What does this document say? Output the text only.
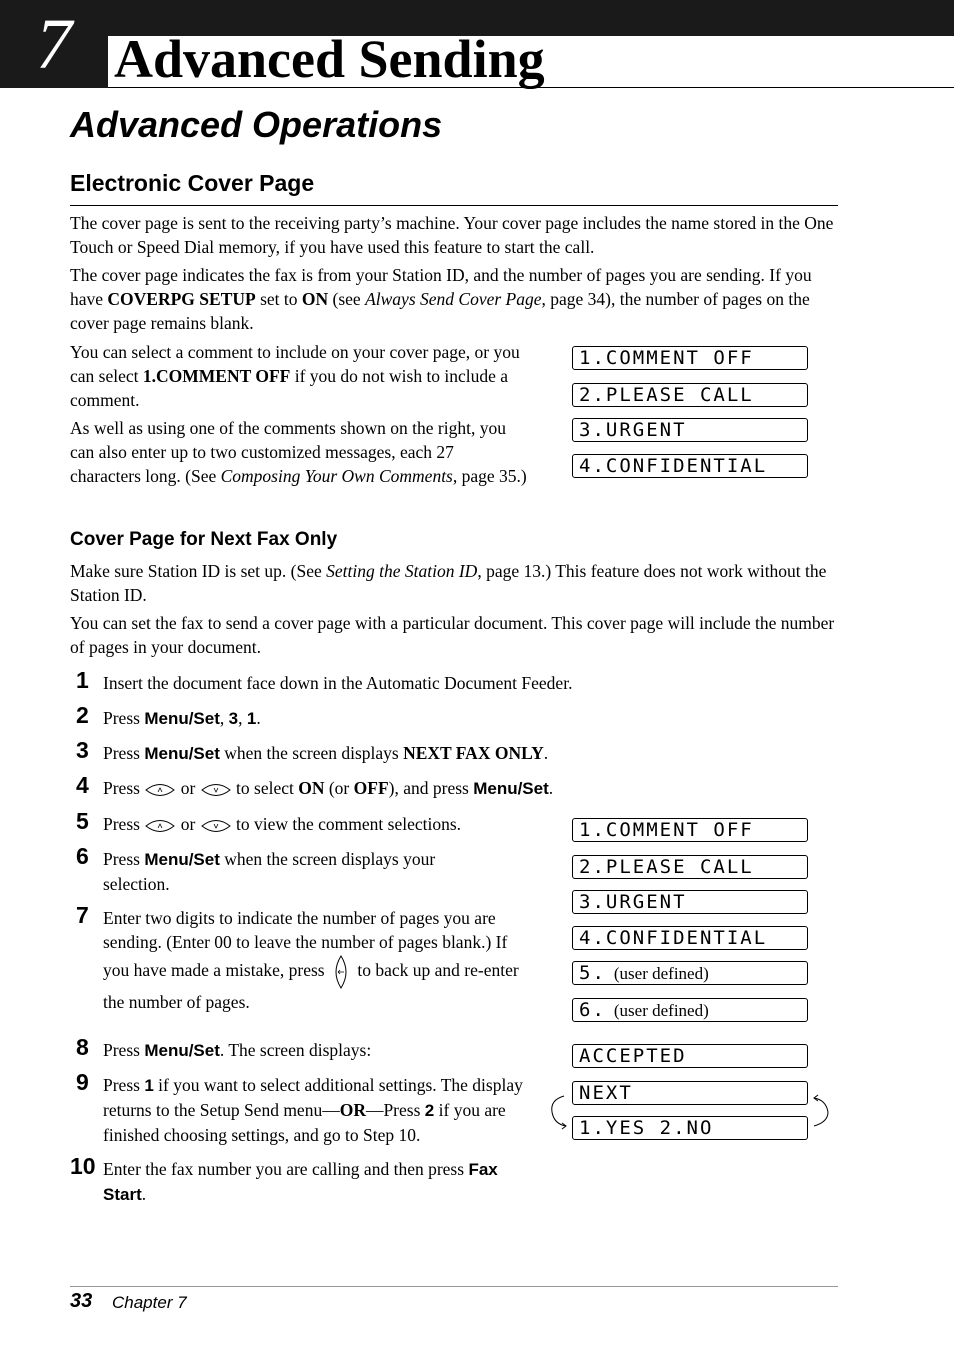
7 Advanced Sending
Advanced Operations
Electronic Cover Page
The cover page is sent to the receiving party’s machine. Your cover page includes the name stored in the One Touch or Speed Dial memory, if you have used this feature to start the call.
The cover page indicates the fax is from your Station ID, and the number of pages you are sending. If you have COVERPG SETUP set to ON (see Always Send Cover Page, page 34), the number of pages on the cover page remains blank.
You can select a comment to include on your cover page, or you can select 1.COMMENT OFF if you do not wish to include a comment.
As well as using one of the comments shown on the right, you can also enter up to two customized messages, each 27 characters long. (See Composing Your Own Comments, page 35.)
1.COMMENT OFF
2.PLEASE CALL
3.URGENT
4.CONFIDENTIAL
Cover Page for Next Fax Only
Make sure Station ID is set up. (See Setting the Station ID, page 13.) This feature does not work without the Station ID.
You can set the fax to send a cover page with a particular document. This cover page will include the number of pages in your document.
1 Insert the document face down in the Automatic Document Feeder.
2 Press Menu/Set, 3, 1.
3 Press Menu/Set when the screen displays NEXT FAX ONLY.
4 Press  or  to select ON (or OFF), and press Menu/Set.
5 Press  or  to view the comment selections.
6 Press Menu/Set when the screen displays your selection.
7 Enter two digits to indicate the number of pages you are sending. (Enter 00 to leave the number of pages blank.) If you have made a mistake, press  to back up and re-enter the number of pages.
8 Press Menu/Set. The screen displays:
9 Press 1 if you want to select additional settings. The display returns to the Setup Send menu—OR—Press 2 if you are finished choosing settings, and go to Step 10.
10 Enter the fax number you are calling and then press Fax Start.
1.COMMENT OFF
2.PLEASE CALL
3.URGENT
4.CONFIDENTIAL
5. (user defined)
6. (user defined)
ACCEPTED
NEXT
1.YES 2.NO
33 Chapter 7
